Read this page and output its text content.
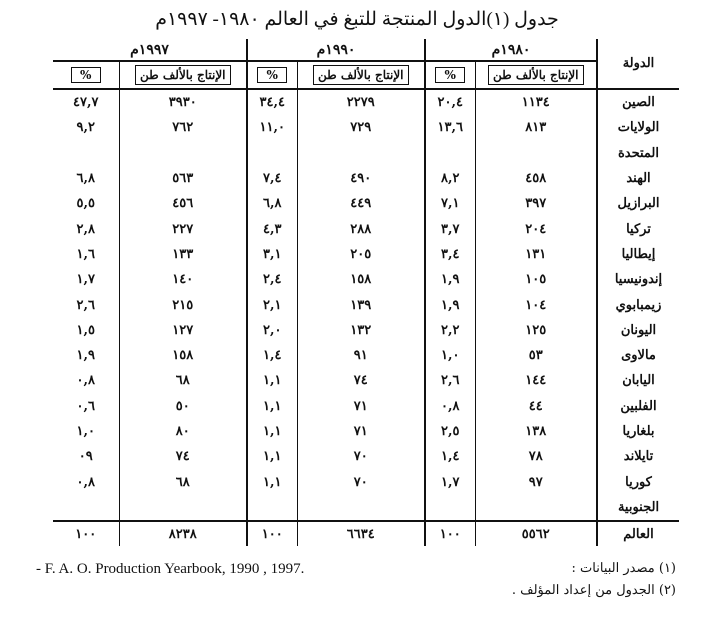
جدول (١)الدول المنتجة للتبغ في العالم ١٩٨٠- ١٩٩٧م
الدولة	١٩٨٠م		١٩٩٠م		١٩٩٧م	
	الإنتاج بالألف طن	%	الإنتاج بالألف طن	%	الإنتاج بالألف طن	%
الصين	١١٣٤	٢٠,٤	٢٢٧٩	٣٤,٤	٣٩٣٠	٤٧,٧
الولايات	٨١٣	١٣,٦	٧٢٩	١١,٠	٧٦٢	٩,٢
المتحدة						
الهند	٤٥٨	٨,٢	٤٩٠	٧,٤	٥٦٣	٦,٨
البرازيل	٣٩٧	٧,١	٤٤٩	٦,٨	٤٥٦	٥,٥
تركيا	٢٠٤	٣,٧	٢٨٨	٤,٣	٢٢٧	٢,٨
إيطاليا	١٣١	٣,٤	٢٠٥	٣,١	١٣٣	١,٦
إندونيسيا	١٠٥	١,٩	١٥٨	٢,٤	١٤٠	١,٧
زيمبابوي	١٠٤	١,٩	١٣٩	٢,١	٢١٥	٢,٦
اليونان	١٢٥	٢,٢	١٣٢	٢,٠	١٢٧	١,٥
مالاوى	٥٣	١,٠	٩١	١,٤	١٥٨	١,٩
اليابان	١٤٤	٢,٦	٧٤	١,١	٦٨	٠,٨
الفلبين	٤٤	٠,٨	٧١	١,١	٥٠	٠,٦
بلغاريا	١٣٨	٢,٥	٧١	١,١	٨٠	١,٠
تايلاند	٧٨	١,٤	٧٠	١,١	٧٤	٠٩
كوريا	٩٧	١,٧	٧٠	١,١	٦٨	٠,٨
الجنوبية						
العالم	٥٥٦٢	١٠٠	٦٦٣٤	١٠٠	٨٢٣٨	١٠٠
(١) مصدر البيانات :
- F. A. O. Production Yearbook, 1990 , 1997.
(٢) الجدول من إعداد المؤلف .
